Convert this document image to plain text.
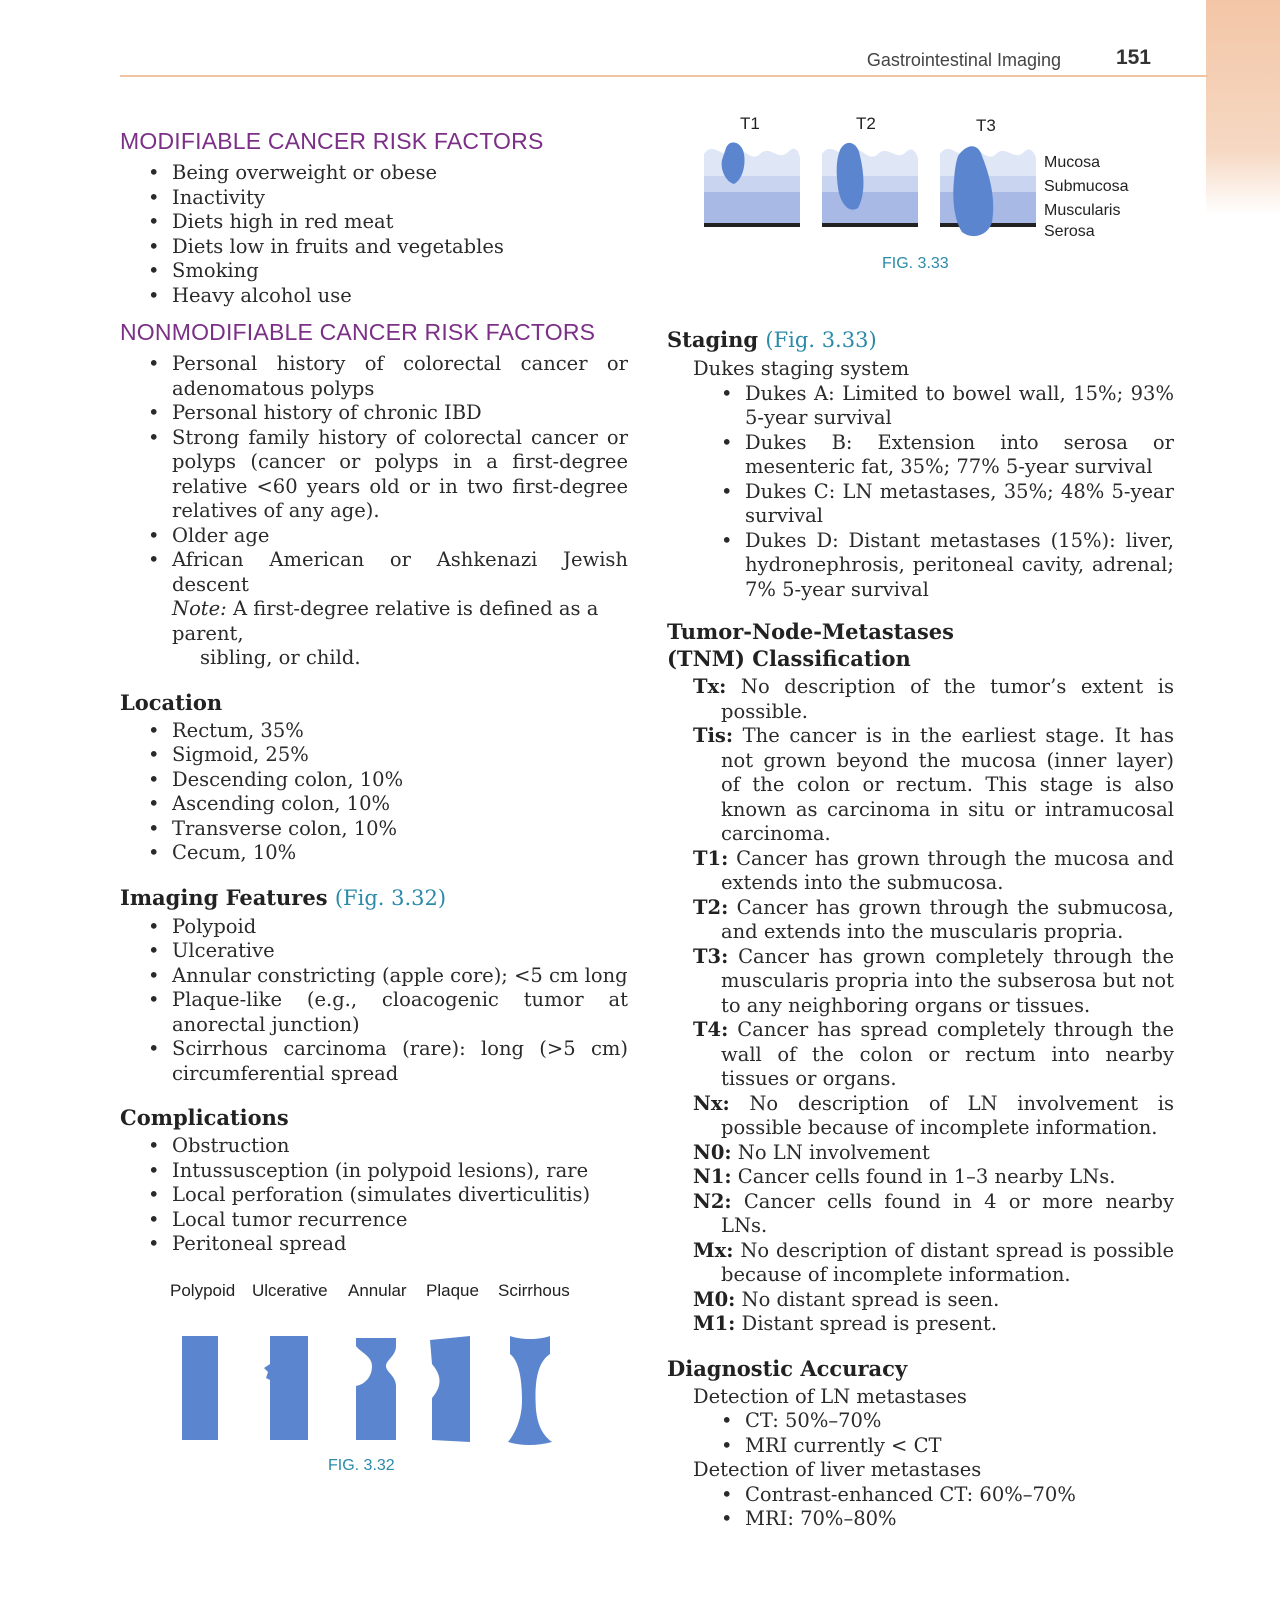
Gastrointestinal Imaging	151
MODIFIABLE CANCER RISK FACTORS
• Being overweight or obese
• Inactivity
• Diets high in red meat
• Diets low in fruits and vegetables
• Smoking
• Heavy alcohol use
NONMODIFIABLE CANCER RISK FACTORS
• Personal history of colorectal cancer or adenomatous polyps
• Personal history of chronic IBD
• Strong family history of colorectal cancer or polyps (cancer or polyps in a first-degree relative <60 years old or in two first-degree relatives of any age).
• Older age
• African American or Ashkenazi Jewish descent
Note: A first-degree relative is defined as a parent,
sibling, or child.
Location
• Rectum, 35%
• Sigmoid, 25%
• Descending colon, 10%
• Ascending colon, 10%
• Transverse colon, 10%
• Cecum, 10%
Imaging Features (Fig. 3.32)
• Polypoid
• Ulcerative
• Annular constricting (apple core); <5 cm long
• Plaque-like (e.g., cloacogenic tumor at anorectal junction)
• Scirrhous carcinoma (rare): long (>5 cm) circumferential spread
Complications
• Obstruction
• Intussusception (in polypoid lesions), rare
• Local perforation (simulates diverticulitis)
• Local tumor recurrence
• Peritoneal spread
Polypoid Ulcerative Annular Plaque Scirrhous
FIG. 3.32
T1	T2	T3
Mucosa
Submucosa
Muscularis
Serosa
FIG. 3.33
Staging (Fig. 3.33)
Dukes staging system
• Dukes A: Limited to bowel wall, 15%; 93% 5-year survival
• Dukes B: Extension into serosa or mesenteric fat, 35%; 77% 5-year survival
• Dukes C: LN metastases, 35%; 48% 5-year survival
• Dukes D: Distant metastases (15%): liver, hydronephrosis, peritoneal cavity, adrenal; 7% 5-year survival
Tumor-Node-Metastases
(TNM) Classification
Tx: No description of the tumor’s extent is possible.
Tis: The cancer is in the earliest stage. It has not grown beyond the mucosa (inner layer) of the colon or rectum. This stage is also known as carcinoma in situ or intramucosal carcinoma.
T1: Cancer has grown through the mucosa and extends into the submucosa.
T2: Cancer has grown through the submucosa, and extends into the muscularis propria.
T3: Cancer has grown completely through the muscularis propria into the subserosa but not to any neighboring organs or tissues.
T4: Cancer has spread completely through the wall of the colon or rectum into nearby tissues or organs.
Nx: No description of LN involvement is possible because of incomplete information.
N0: No LN involvement
N1: Cancer cells found in 1–3 nearby LNs.
N2: Cancer cells found in 4 or more nearby LNs.
Mx: No description of distant spread is possible because of incomplete information.
M0: No distant spread is seen.
M1: Distant spread is present.
Diagnostic Accuracy
Detection of LN metastases
• CT: 50%–70%
• MRI currently < CT
Detection of liver metastases
• Contrast-enhanced CT: 60%–70%
• MRI: 70%–80%
